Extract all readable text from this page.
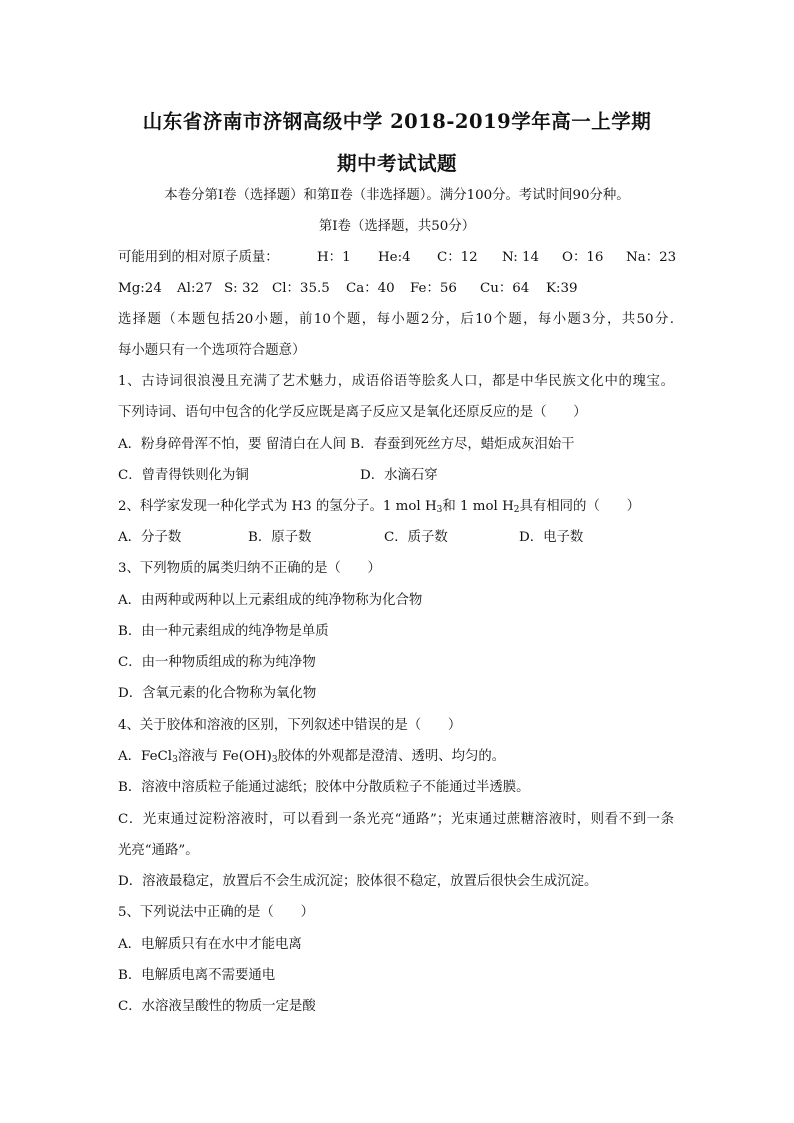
山东省济南市济钢高级中学 2018-2019学年高一上学期
期中考试试题
本卷分第Ⅰ卷（选择题）和第Ⅱ卷（非选择题）。满分100分。考试时间90分种。
第Ⅰ卷（选择题，共50分）
可能用到的相对原子质量：	H：1 He:4 C：12 N: 14 O：16 Na：23
Mg:24 Al:27 S: 32 Cl：35.5 Ca：40 Fe：56 Cu：64 K:39
选择题（本题包括20小题，前10个题，每小题2分，后10个题，每小题3分，共50分.
每小题只有一个选项符合题意）
1、古诗词很浪漫且充满了艺术魅力，成语俗语等脍炙人口，都是中华民族文化中的瑰宝。
下列诗词、语句中包含的化学反应既是离子反应又是氧化还原反应的是（　　）
A．粉身碎骨浑不怕，要 留清白在人间 B．春蚕到死丝方尽，蜡炬成灰泪始干
C．曾青得铁则化为铜	D．水滴石穿
2、科学家发现一种化学式为 H3 的氢分子。1 mol $H_3$和 1 mol $H_2$具有相同的（　　）
A．分子数	B．原子数	C．质子数	D．电子数
3、下列物质的属类归纳不正确的是（　　）
A．由两种或两种以上元素组成的纯净物称为化合物
B．由一种元素组成的纯净物是单质
C．由一种物质组成的称为纯净物
D．含氧元素的化合物称为氧化物
4、关于胶体和溶液的区别，下列叙述中错误的是（　　）
A．FeCl$_3$溶液与 $Fe(OH)_3$胶体的外观都是澄清、透明、均匀的。
B．溶液中溶质粒子能通过滤纸；胶体中分散质粒子不能通过半透膜。
C．光束通过淀粉溶液时，可以看到一条光亮“通路”；光束通过蔗糖溶液时，则看不到一条
光亮“通路”。
D．溶液最稳定，放置后不会生成沉淀；胶体很不稳定，放置后很快会生成沉淀。
5、下列说法中正确的是（　　）
A．电解质只有在水中才能电离
B．电解质电离不需要通电
C．水溶液呈酸性的物质一定是酸
